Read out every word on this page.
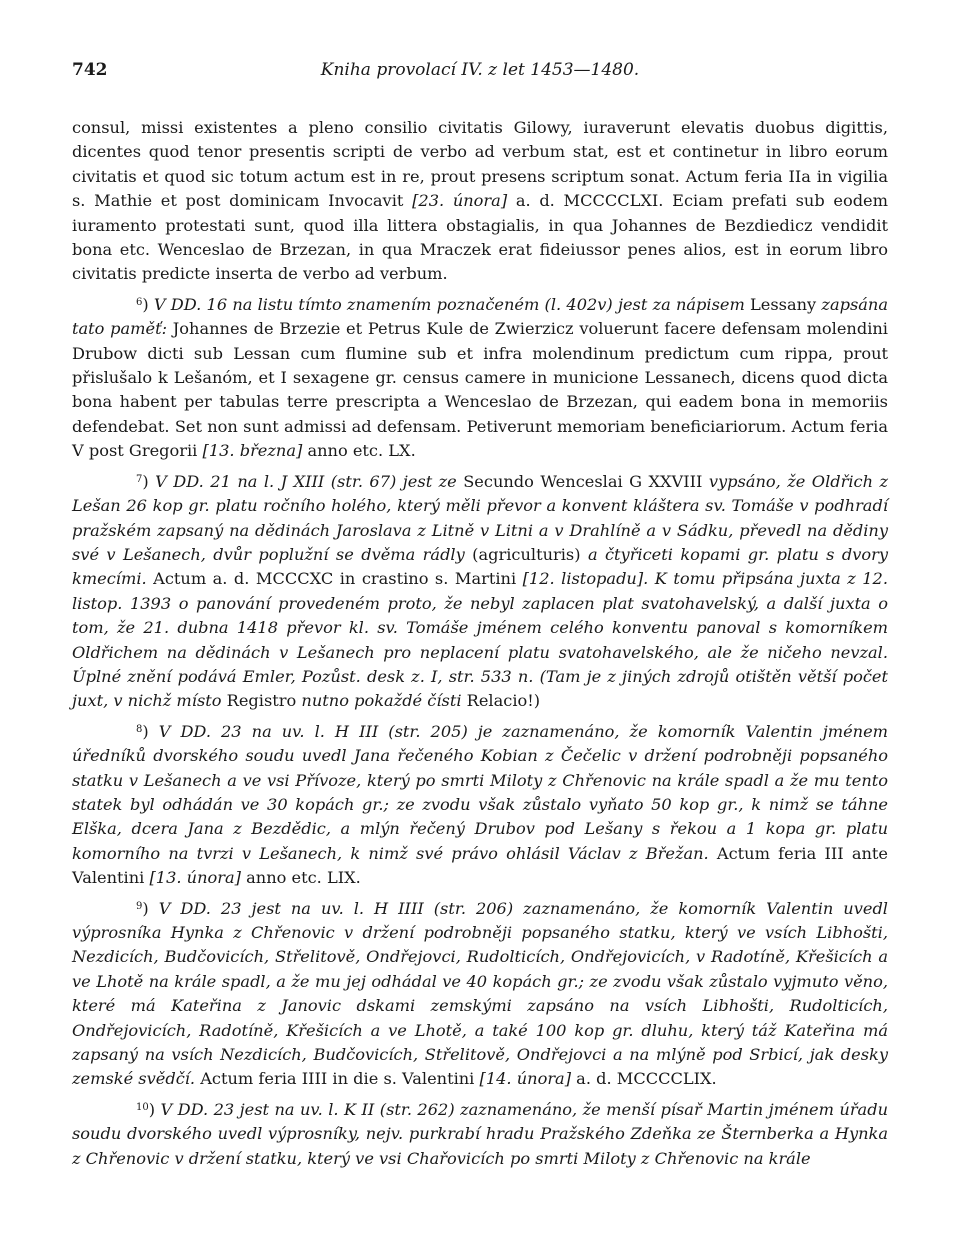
742	Kniha provolací IV. z let 1453—1480.

consul, missi existentes a pleno consilio civitatis Gilowy, iuraverunt elevatis duobus digittis, dicentes quod tenor presentis scripti de verbo ad verbum stat, est et continetur in libro eorum civitatis et quod sic totum actum est in re, prout presens scriptum sonat. Actum feria IIa in vigilia s. Mathie et post dominicam Invocavit [23. února] a. d. MCCCCLXI. Eciam prefati sub eodem iuramento protestati sunt, quod illa littera obstagialis, in qua Johannes de Bezdiedicz vendidit bona etc. Wenceslao de Brzezan, in qua Mraczek erat fideiussor penes alios, est in eorum libro civitatis predicte inserta de verbo ad verbum.

$^6$) V DD. 16 na listu tímto znamením poznačeném (l. 402v) jest za nápisem Lessany zapsána tato paměť: Johannes de Brzezie et Petrus Kule de Zwierzicz voluerunt facere defensam molendini Drubow dicti sub Lessan cum flumine sub et infra molendinum predictum cum rippa, prout přislušalo k Lešanóm, et I sexagene gr. census camere in municione Lessanech, dicens quod dicta bona habent per tabulas terre prescripta a Wenceslao de Brzezan, qui eadem bona in memoriis defendebat. Set non sunt admissi ad defensam. Petiverunt memoriam beneficiariorum. Actum feria V post Gregorii [13. března] anno etc. LX.

$^7$) V DD. 21 na l. J XIII (str. 67) jest ze Secundo Wenceslai G XXVIII vypsáno, že Oldřich z Lešan 26 kop gr. platu ročního holého, který měli převor a konvent kláštera sv. Tomáše v podhradí pražském zapsaný na dědinách Jaroslava z Litně v Litni a v Drahlíně a v Sádku, převedl na dědiny své v Lešanech, dvůr poplužní se dvěma rádly (agriculturis) a čtyřiceti kopami gr. platu s dvory kmecími. Actum a. d. MCCCXC in crastino s. Martini [12. listopadu]. K tomu připsána juxta z 12. listop. 1393 o panování provedeném proto, že nebyl zaplacen plat svatohavelský, a další juxta o tom, že 21. dubna 1418 převor kl. sv. Tomáše jménem celého konventu panoval s komorníkem Oldřichem na dědinách v Lešanech pro neplacení platu svatohavelského, ale že ničeho nevzal. Úplné znění podává Emler, Pozůst. desk z. I, str. 533 n. (Tam je z jiných zdrojů otištěn větší počet juxt, v nichž místo Registro nutno pokaždé čísti Relacio!)

$^8$) V DD. 23 na uv. l. H III (str. 205) je zaznamenáno, že komorník Valentin jménem úředníků dvorského soudu uvedl Jana řečeného Kobian z Čečelic v držení podrobněji popsaného statku v Lešanech a ve vsi Přívoze, který po smrti Miloty z Chřenovic na krále spadl a že mu tento statek byl odhádán ve 30 kopách gr.; ze zvodu však zůstalo vyňato 50 kop gr., k nimž se táhne Elška, dcera Jana z Bezdědic, a mlýn řečený Drubov pod Lešany s řekou a 1 kopa gr. platu komorního na tvrzi v Lešanech, k nimž své právo ohlásil Václav z Břežan. Actum feria III ante Valentini [13. února] anno etc. LIX.

$^9$) V DD. 23 jest na uv. l. H IIII (str. 206) zaznamenáno, že komorník Valentin uvedl výprosníka Hynka z Chřenovic v držení podrobněji popsaného statku, který ve vsích Libhošti, Nezdicích, Budčovicích, Střelitově, Ondřejovci, Rudolticích, Ondřejovicích, v Radotíně, Křešicích a ve Lhotě na krále spadl, a že mu jej odhádal ve 40 kopách gr.; ze zvodu však zůstalo vyjmuto věno, které má Kateřina z Janovic dskami zemskými zapsáno na vsích Libhošti, Rudolticích, Ondřejovicích, Radotíně, Křešicích a ve Lhotě, a také 100 kop gr. dluhu, který táž Kateřina má zapsaný na vsích Nezdicích, Budčovicích, Střelitově, Ondřejovci a na mlýně pod Srbicí, jak desky zemské svědčí. Actum feria IIII in die s. Valentini [14. února] a. d. MCCCCLIX.

$^{10}$) V DD. 23 jest na uv. l. K II (str. 262) zaznamenáno, že menší písař Martin jménem úřadu soudu dvorského uvedl výprosníky, nejv. purkrabí hradu Pražského Zdeňka ze Šternberka a Hynka z Chřenovic v držení statku, který ve vsi Chařovicích po smrti Miloty z Chřenovic na krále
